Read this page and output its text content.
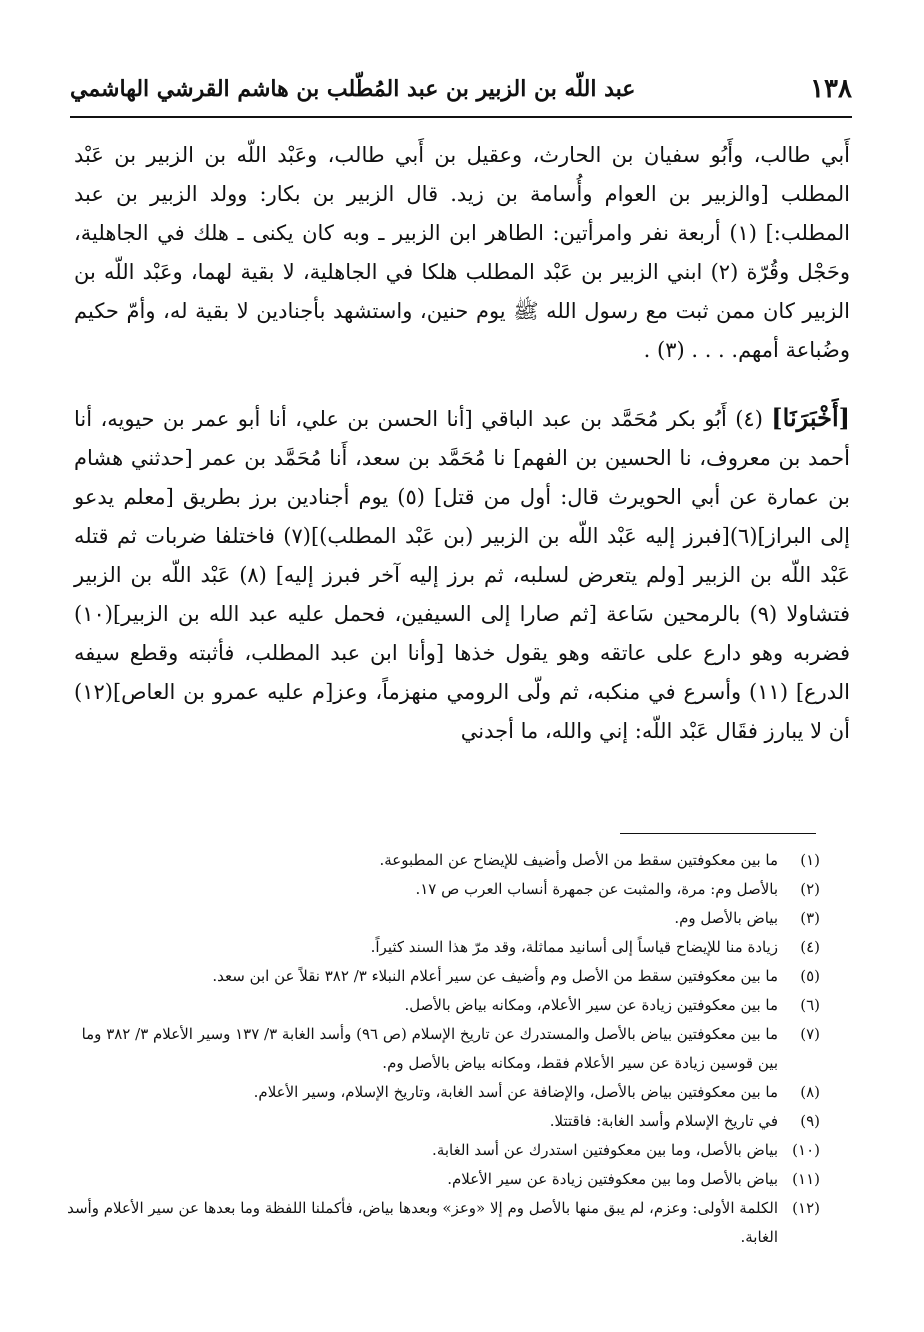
١٣٨
عبد اللّه بن الزبير بن عبد المُطّلب بن هاشم القرشي الهاشمي

أَبي طالب، وأَبُو سفيان بن الحارث، وعقيل بن أَبي طالب، وعَبْد اللّه بن الزبير بن عَبْد المطلب [والزبير بن العوام وأُسامة بن زيد. قال الزبير بن بكار: وولد الزبير بن عبد المطلب:] (١) أربعة نفر وامرأتين: الطاهر ابن الزبير ـ وبه كان يكنى ـ هلك في الجاهلية، وحَجْل وقُرّة (٢) ابني الزبير بن عَبْد المطلب هلكا في الجاهلية، لا بقية لهما، وعَبْد اللّه بن الزبير كان ممن ثبت مع رسول الله ﷺ يوم حنين، واستشهد بأجنادين لا بقية له، وأمّ حكيم وضُباعة أمهم. . . . (٣) .

[أَخْبَرَنَا] (٤) أَبُو بكر مُحَمَّد بن عبد الباقي [أنا الحسن بن علي، أنا أبو عمر بن حيويه، أنا أحمد بن معروف، نا الحسين بن الفهم] نا مُحَمَّد بن سعد، أَنا مُحَمَّد بن عمر [حدثني هشام بن عمارة عن أبي الحويرث قال: أول من قتل] (٥) يوم أجنادين برز بطريق [معلم يدعو إلى البراز](٦)[فبرز إليه عَبْد اللّه بن الزبير (بن عَبْد المطلب)](٧) فاختلفا ضربات ثم قتله عَبْد اللّه بن الزبير [ولم يتعرض لسلبه، ثم برز إليه آخر فبرز إليه] (٨) عَبْد اللّه بن الزبير فتشاولا (٩) بالرمحين سَاعة [ثم صارا إلى السيفين، فحمل عليه عبد الله بن الزبير](١٠) فضربه وهو دارع على عاتقه وهو يقول خذها [وأنا ابن عبد المطلب، فأثبته وقطع سيفه الدرع] (١١) وأسرع في منكبه، ثم ولّى الرومي منهزماً، وعز[م عليه عمرو بن العاص](١٢) أن لا يبارز فقَال عَبْد اللّه: إني والله، ما أجدني

(١)
ما بين معكوفتين سقط من الأصل وأضيف للإيضاح عن المطبوعة.
(٢)
بالأصل وم: مرة، والمثبت عن جمهرة أنساب العرب ص ١٧.
(٣)
بياض بالأصل وم.
(٤)
زيادة منا للإيضاح قياساً إلى أسانيد مماثلة، وقد مرّ هذا السند كثيراً.
(٥)
ما بين معكوفتين سقط من الأصل وم وأضيف عن سير أعلام النبلاء ٣/ ٣٨٢ نقلاً عن ابن سعد.
(٦)
ما بين معكوفتين زيادة عن سير الأعلام، ومكانه بياض بالأصل.
(٧)
ما بين معكوفتين بياض بالأصل والمستدرك عن تاريخ الإسلام (ص ٩٦) وأسد الغابة ٣/ ١٣٧ وسير الأعلام ٣/ ٣٨٢ وما بين قوسين زيادة عن سير الأعلام فقط، ومكانه بياض بالأصل وم.
(٨)
ما بين معكوفتين بياض بالأصل، والإضافة عن أسد الغابة، وتاريخ الإسلام، وسير الأعلام.
(٩)
في تاريخ الإسلام وأسد الغابة: فاقتتلا.
(١٠)
بياض بالأصل، وما بين معكوفتين استدرك عن أسد الغابة.
(١١)
بياض بالأصل وما بين معكوفتين زيادة عن سير الأعلام.
(١٢)
الكلمة الأولى: وعزم، لم يبق منها بالأصل وم إلا «وعز» وبعدها بياض، فأكملنا اللفظة وما بعدها عن سير الأعلام وأسد الغابة.
